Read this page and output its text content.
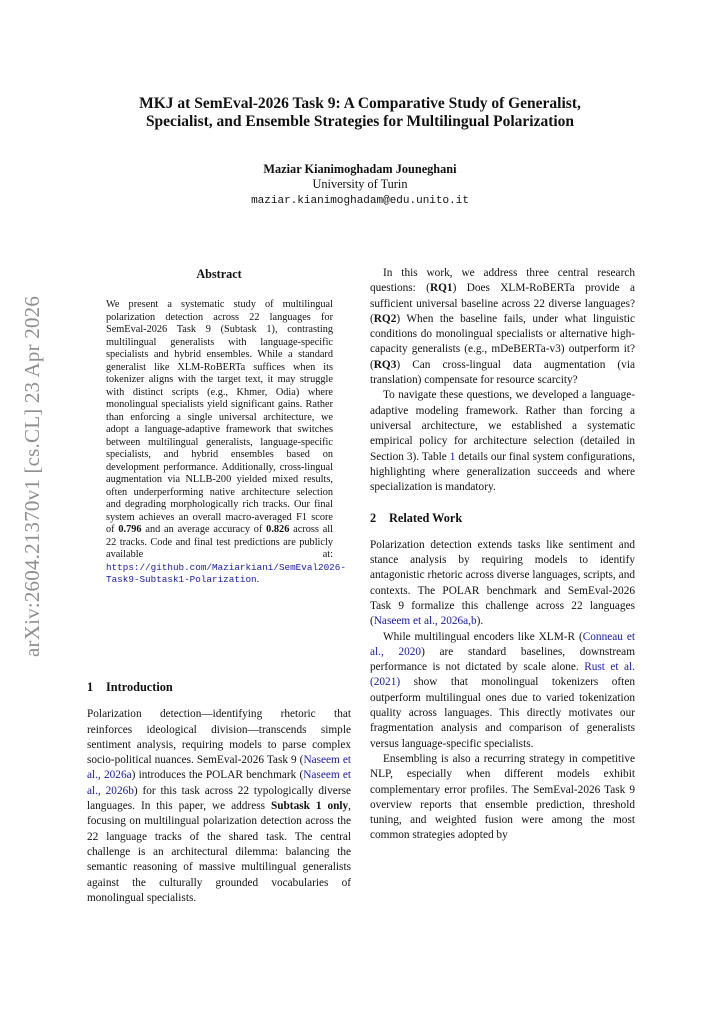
arXiv:2604.21370v1 [cs.CL] 23 Apr 2026
MKJ at SemEval-2026 Task 9: A Comparative Study of Generalist,
Specialist, and Ensemble Strategies for Multilingual Polarization
Maziar Kianimoghadam Jouneghani
University of Turin
maziar.kianimoghadam@edu.unito.it
Abstract

We present a systematic study of multilingual polarization detection across 22 languages for SemEval-2026 Task 9 (Subtask 1), contrasting multilingual generalists with language-specific specialists and hybrid ensembles. While a standard generalist like XLM-RoBERTa suffices when its tokenizer aligns with the target text, it may struggle with distinct scripts (e.g., Khmer, Odia) where monolingual specialists yield significant gains. Rather than enforcing a single universal architecture, we adopt a language-adaptive framework that switches between multilingual generalists, language-specific specialists, and hybrid ensembles based on development performance. Additionally, cross-lingual augmentation via NLLB-200 yielded mixed results, often underperforming native architecture selection and degrading morphologically rich tracks. Our final system achieves an overall macro-averaged F1 score of 0.796 and an average accuracy of 0.826 across all 22 tracks. Code and final test predictions are publicly available at: https://github.com/Maziarkiani/SemEval2026-Task9-Subtask1-Polarization.

1 Introduction

Polarization detection—identifying rhetoric that reinforces ideological division—transcends simple sentiment analysis, requiring models to parse complex socio-political nuances. SemEval-2026 Task 9 (Naseem et al., 2026a) introduces the POLAR benchmark (Naseem et al., 2026b) for this task across 22 typologically diverse languages. In this paper, we address Subtask 1 only, focusing on multilingual polarization detection across the 22 language tracks of the shared task. The central challenge is an architectural dilemma: balancing the semantic reasoning of massive multilingual generalists against the culturally grounded vocabularies of monolingual specialists.

In this work, we address three central research questions: (RQ1) Does XLM-RoBERTa provide a sufficient universal baseline across 22 diverse languages? (RQ2) When the baseline fails, under what linguistic conditions do monolingual specialists or alternative high-capacity generalists (e.g., mDeBERTa-v3) outperform it? (RQ3) Can cross-lingual data augmentation (via translation) compensate for resource scarcity?

To navigate these questions, we developed a language-adaptive modeling framework. Rather than forcing a universal architecture, we established a systematic empirical policy for architecture selection (detailed in Section 3). Table 1 details our final system configurations, highlighting where generalization succeeds and where specialization is mandatory.

2 Related Work

Polarization detection extends tasks like sentiment and stance analysis by requiring models to identify antagonistic rhetoric across diverse languages, scripts, and contexts. The POLAR benchmark and SemEval-2026 Task 9 formalize this challenge across 22 languages (Naseem et al., 2026a,b).

While multilingual encoders like XLM-R (Conneau et al., 2020) are standard baselines, downstream performance is not dictated by scale alone. Rust et al. (2021) show that monolingual tokenizers often outperform multilingual ones due to varied tokenization quality across languages. This directly motivates our fragmentation analysis and comparison of generalists versus language-specific specialists.

Ensembling is also a recurring strategy in competitive NLP, especially when different models exhibit complementary error profiles. The SemEval-2026 Task 9 overview reports that ensemble prediction, threshold tuning, and weighted fusion were among the most common strategies adopted by
